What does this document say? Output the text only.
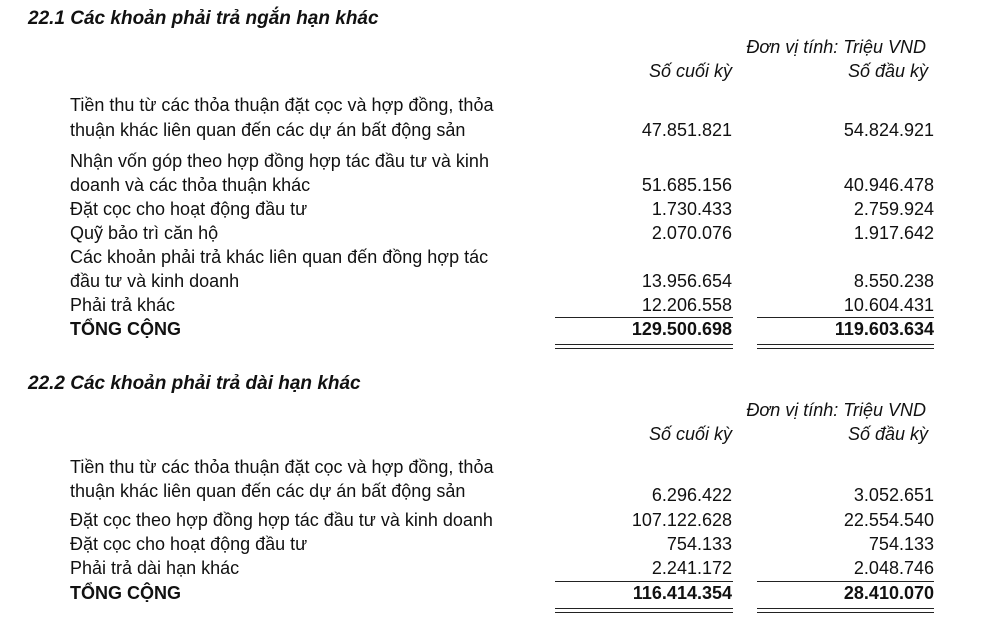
22.1 Các khoản phải trả ngắn hạn khác
Đơn vị tính: Triệu VND
Số cuối kỳ	Số đầu kỳ
Tiền thu từ các thỏa thuận đặt cọc và hợp đồng, thỏa
thuận khác liên quan đến các dự án bất động sản	47.851.821	54.824.921
Nhận vốn góp theo hợp đồng hợp tác đầu tư và kinh
doanh và các thỏa thuận khác	51.685.156	40.946.478
Đặt cọc cho hoạt động đầu tư	1.730.433	2.759.924
Quỹ bảo trì căn hộ	2.070.076	1.917.642
Các khoản phải trả khác liên quan đến đồng hợp tác
đầu tư và kinh doanh	13.956.654	8.550.238
Phải trả khác	12.206.558	10.604.431
TỔNG CỘNG	129.500.698	119.603.634
22.2 Các khoản phải trả dài hạn khác
Đơn vị tính: Triệu VND
Số cuối kỳ	Số đầu kỳ
Tiền thu từ các thỏa thuận đặt cọc và hợp đồng, thỏa
thuận khác liên quan đến các dự án bất động sản	6.296.422	3.052.651
Đặt cọc theo hợp đồng hợp tác đầu tư và kinh doanh	107.122.628	22.554.540
Đặt cọc cho hoạt động đầu tư	754.133	754.133
Phải trả dài hạn khác	2.241.172	2.048.746
TỔNG CỘNG	116.414.354	28.410.070
